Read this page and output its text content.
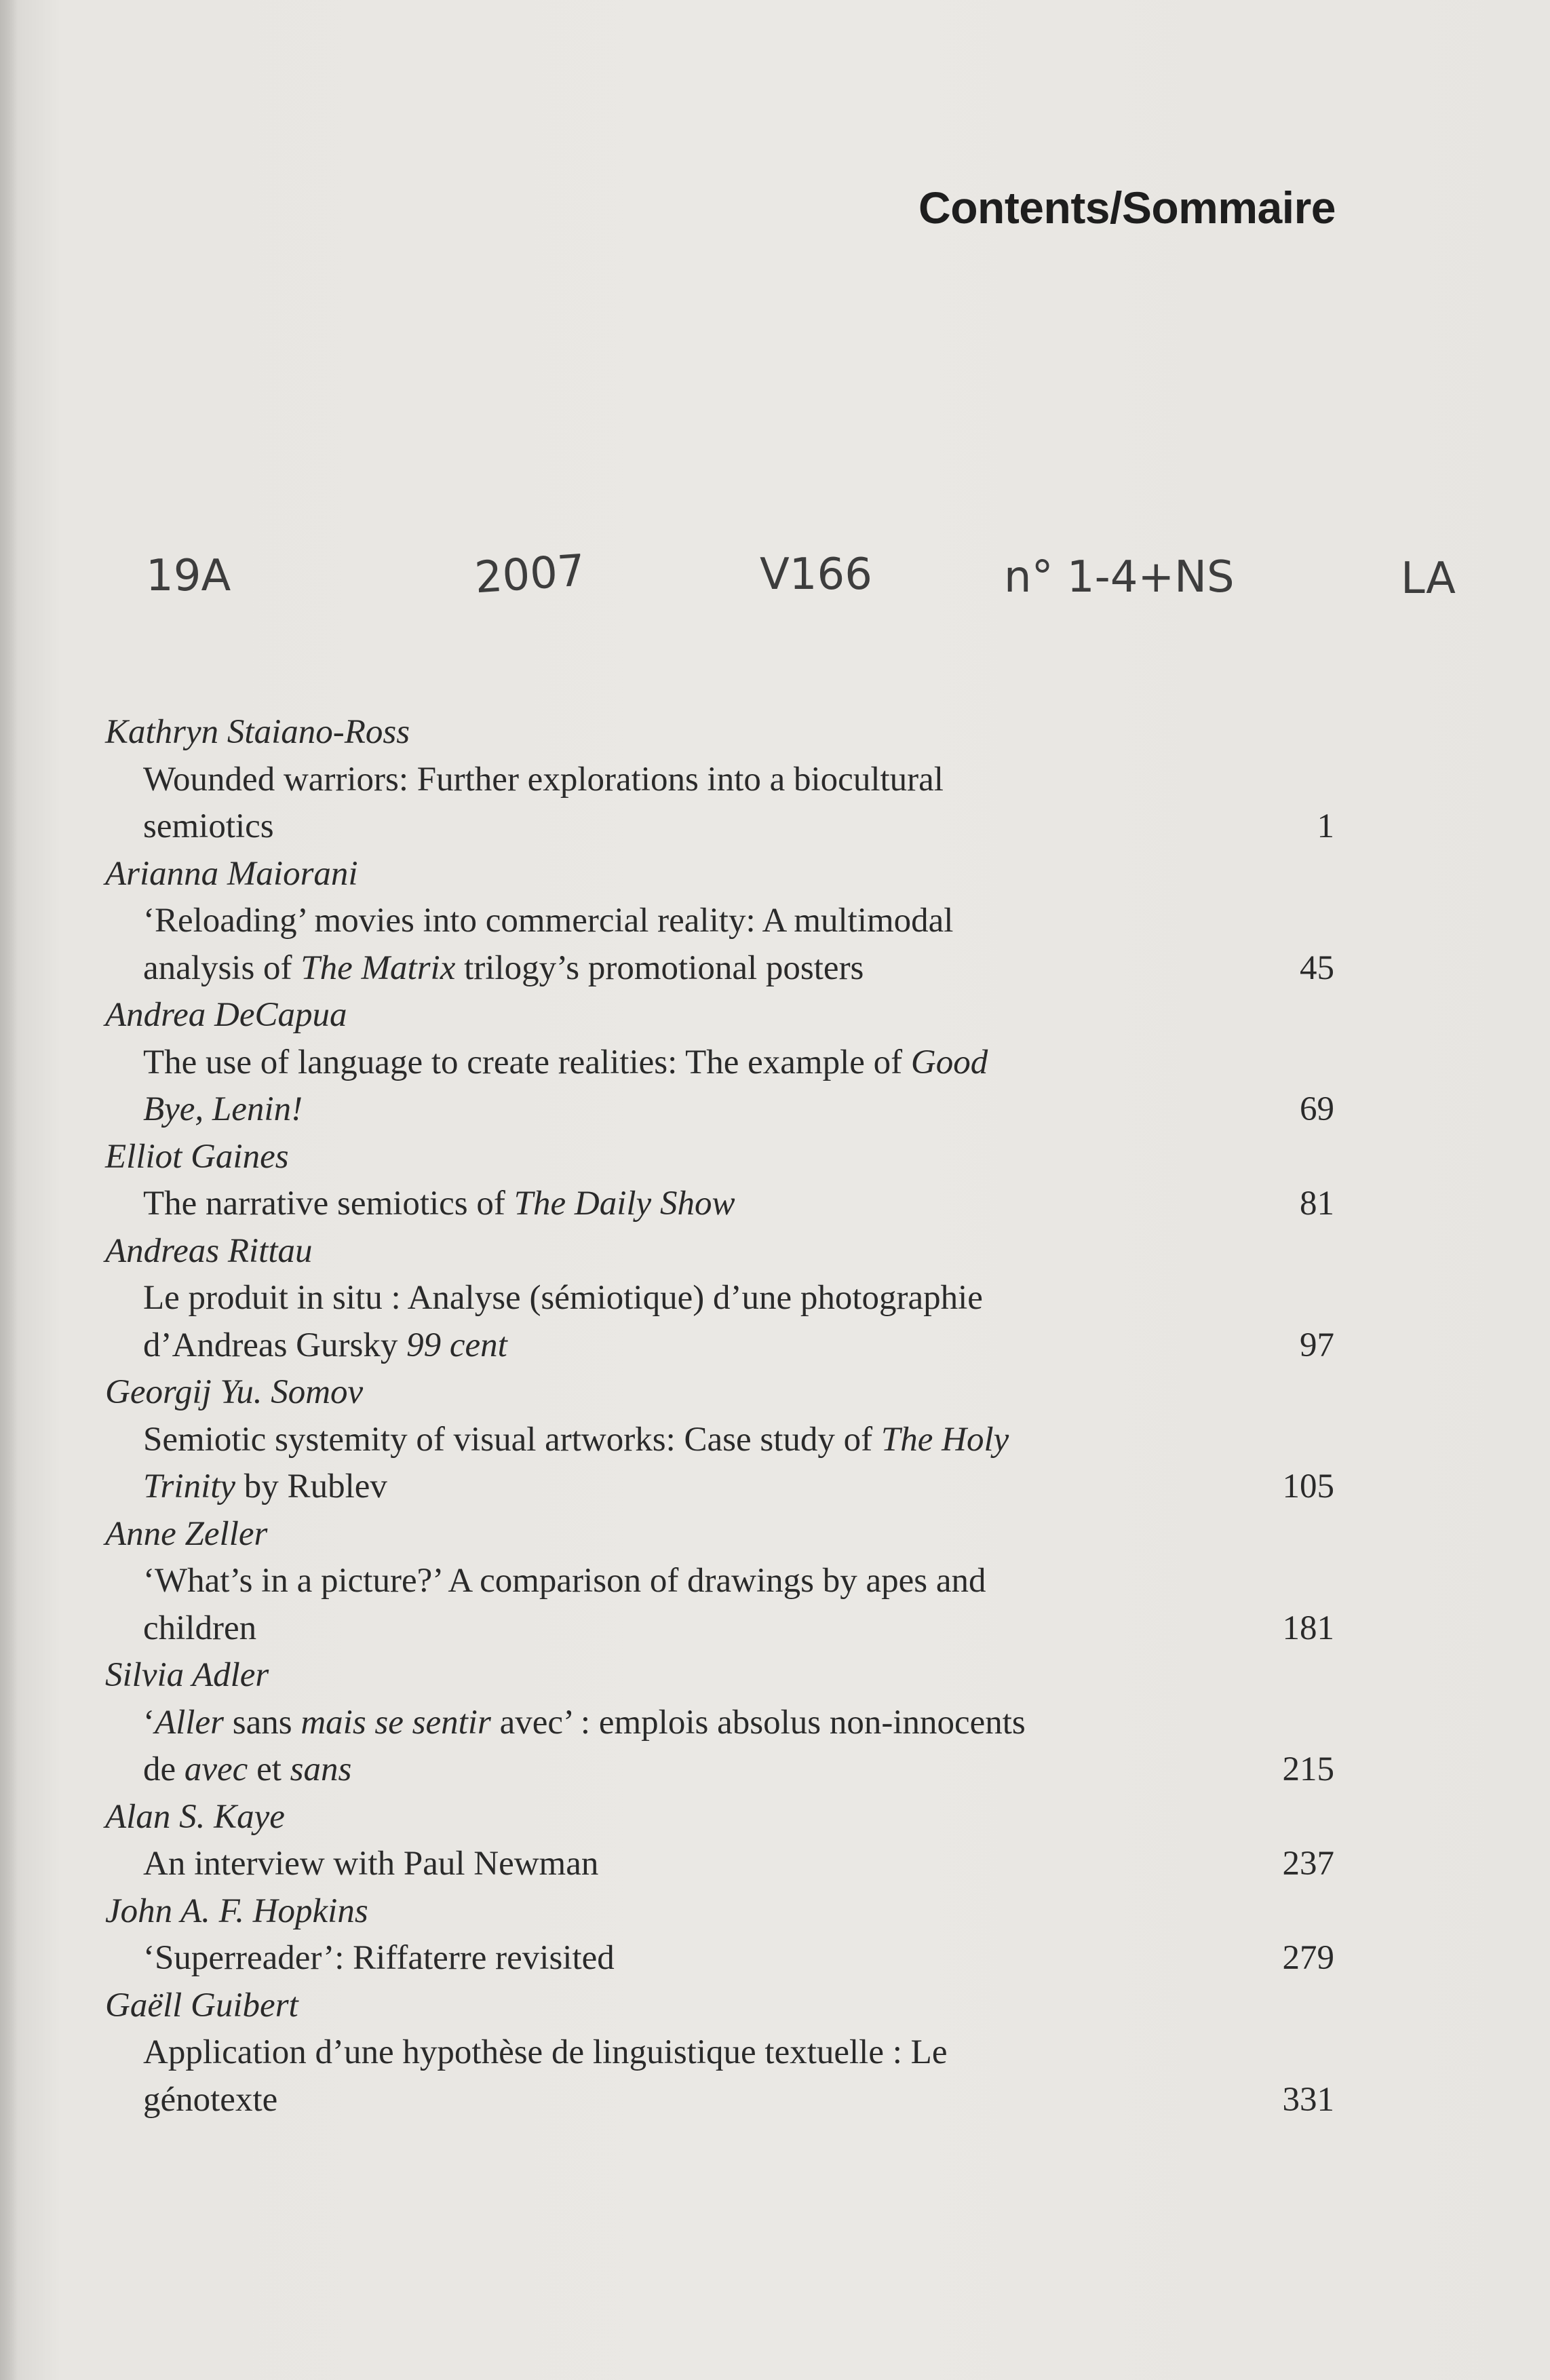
Contents/Sommaire
19A	2007	V166	n° 1-4+NS	LA
Kathryn Staiano-Ross
Wounded warriors: Further explorations into a biocultural
semiotics	1
Arianna Maiorani
‘Reloading’ movies into commercial reality: A multimodal
analysis of The Matrix trilogy’s promotional posters	45
Andrea DeCapua
The use of language to create realities: The example of Good
Bye, Lenin!	69
Elliot Gaines
The narrative semiotics of The Daily Show	81
Andreas Rittau
Le produit in situ : Analyse (sémiotique) d’une photographie
d’Andreas Gursky 99 cent	97
Georgij Yu. Somov
Semiotic systemity of visual artworks: Case study of The Holy
Trinity by Rublev	105
Anne Zeller
‘What’s in a picture?’ A comparison of drawings by apes and
children	181
Silvia Adler
‘Aller sans mais se sentir avec’ : emplois absolus non-innocents
de avec et sans	215
Alan S. Kaye
An interview with Paul Newman	237
John A. F. Hopkins
‘Superreader’: Riffaterre revisited	279
Gaëll Guibert
Application d’une hypothèse de linguistique textuelle : Le
génotexte	331
